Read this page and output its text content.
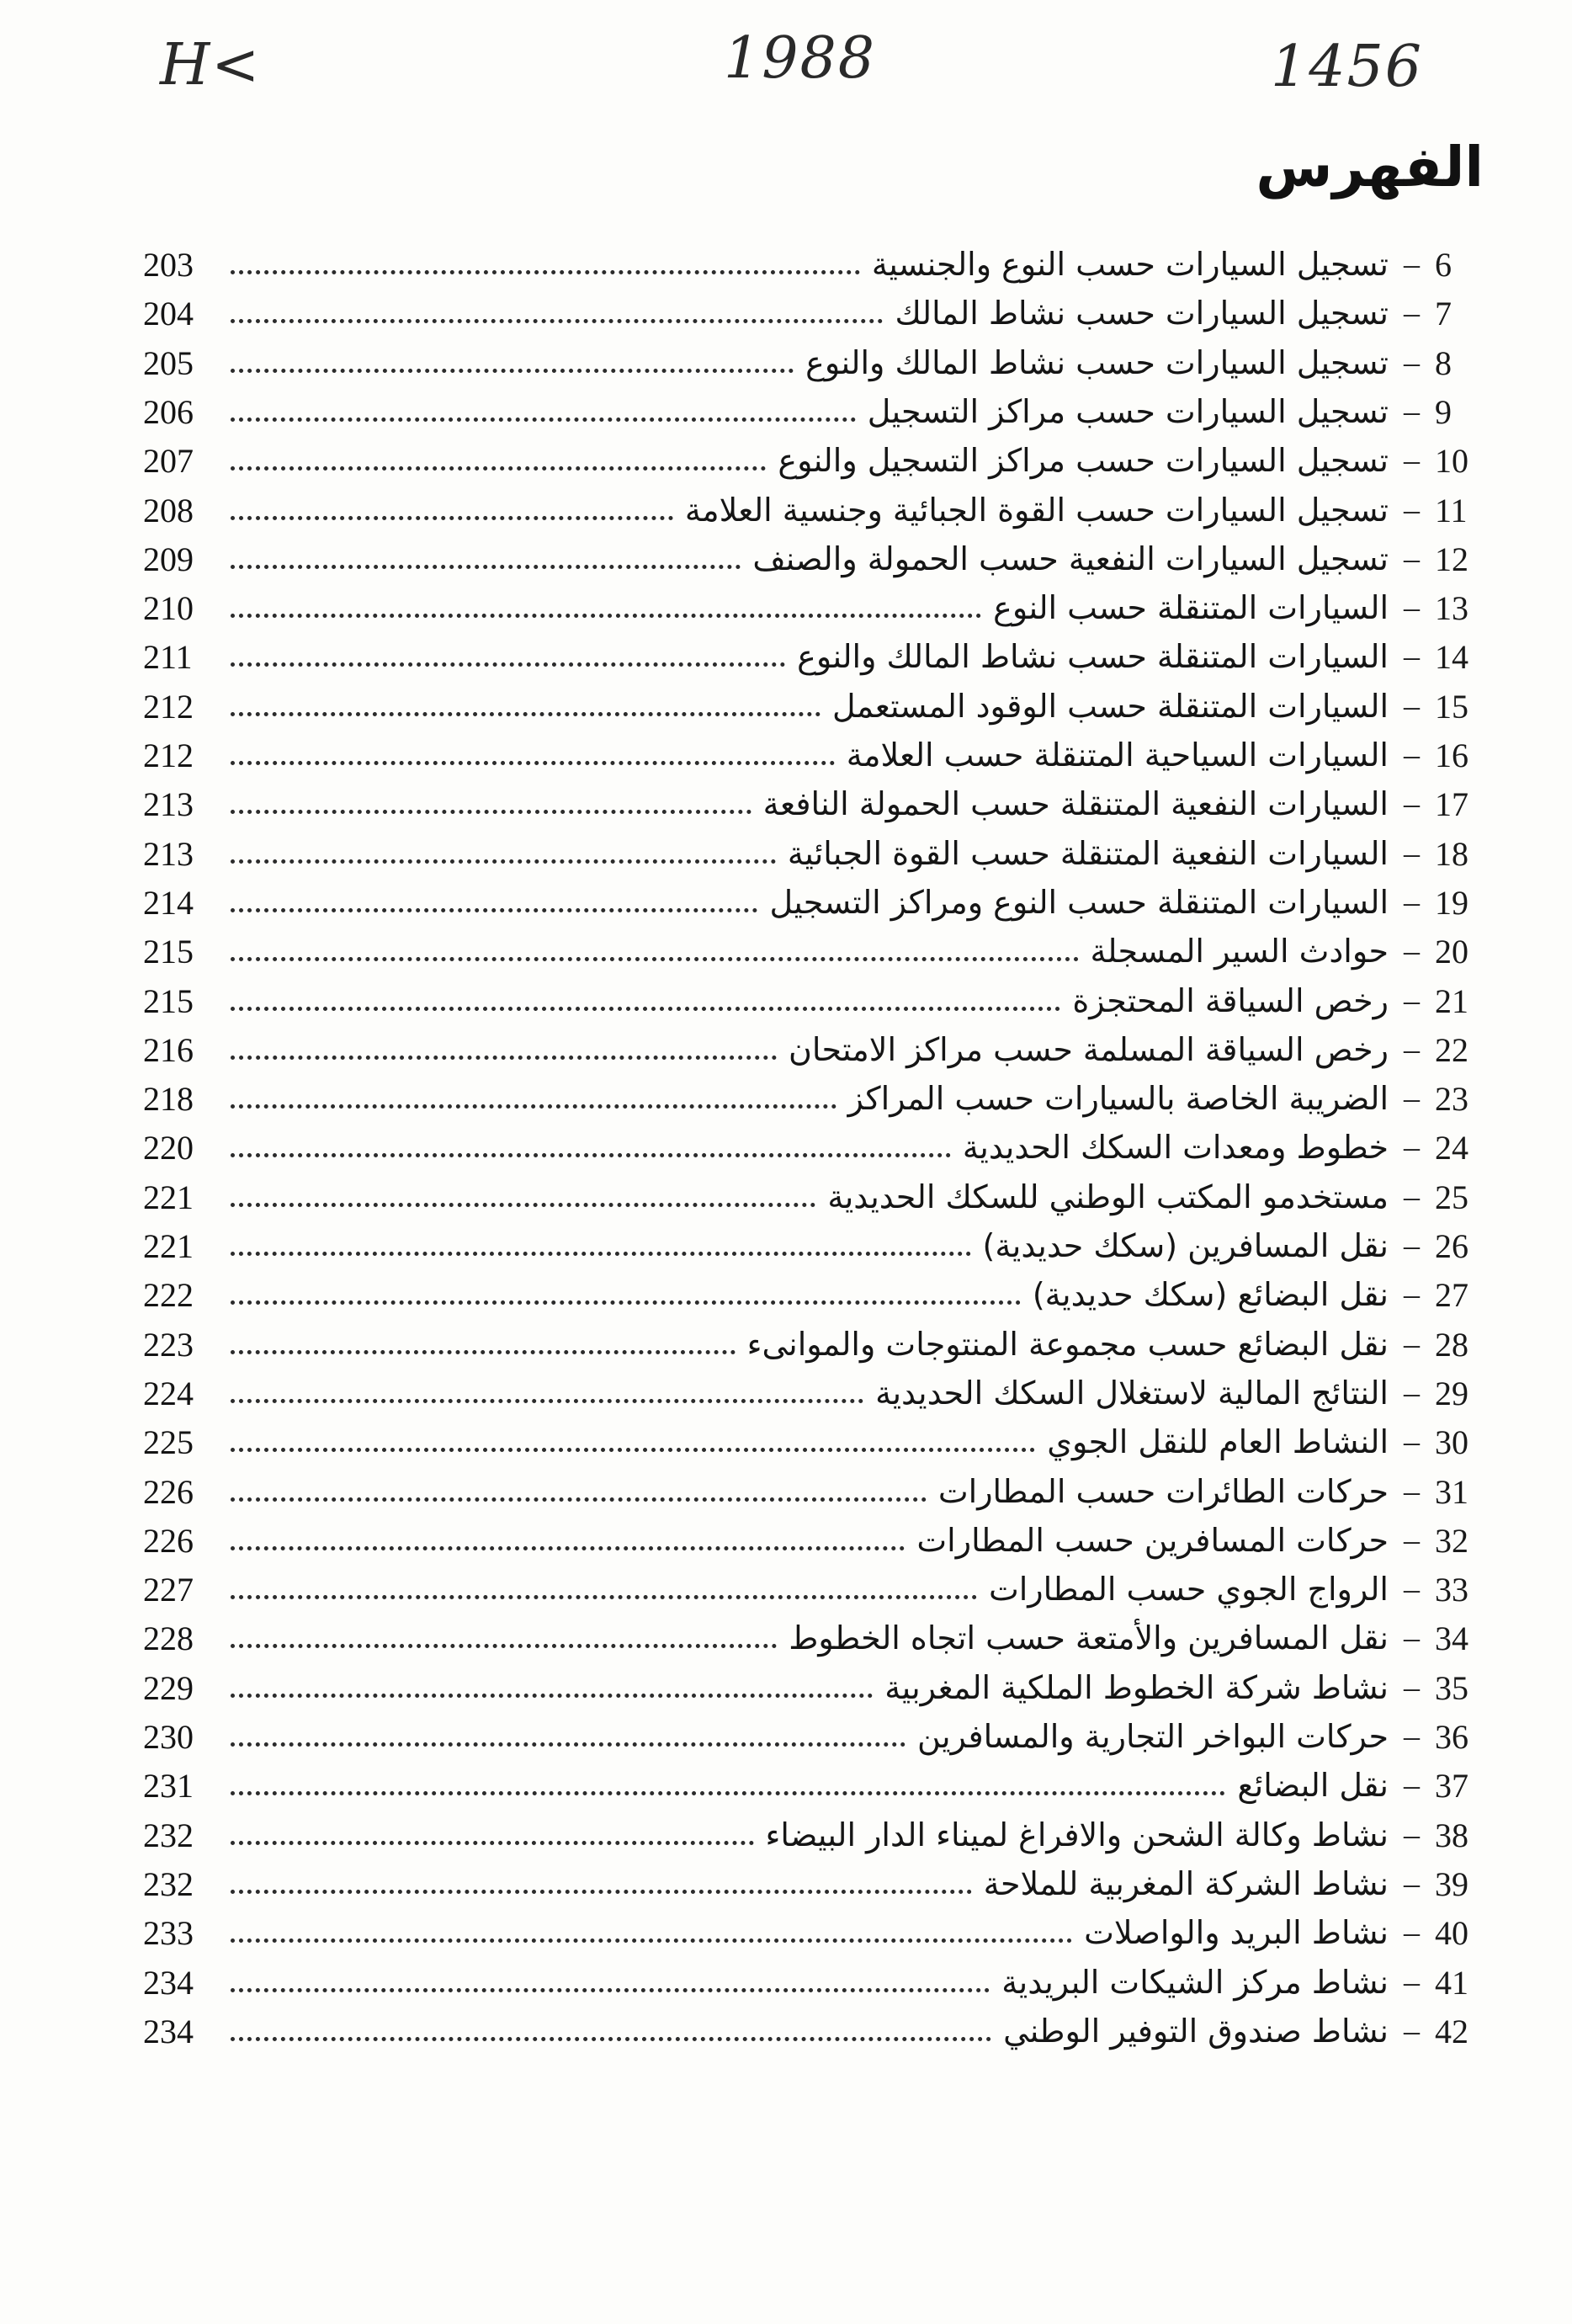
H<	1988	1456
الفهرس
203	تسجيل السيارات حسب النوع والجنسية – 6
204	تسجيل السيارات حسب نشاط المالك – 7
205	تسجيل السيارات حسب نشاط المالك والنوع – 8
206	تسجيل السيارات حسب مراكز التسجيل – 9
207	تسجيل السيارات حسب مراكز التسجيل والنوع – 10
208	تسجيل السيارات حسب القوة الجبائية وجنسية العلامة – 11
209	تسجيل السيارات النفعية حسب الحمولة والصنف – 12
210	السيارات المتنقلة حسب النوع – 13
211	السيارات المتنقلة حسب نشاط المالك والنوع – 14
212	السيارات المتنقلة حسب الوقود المستعمل – 15
212	السيارات السياحية المتنقلة حسب العلامة – 16
213	السيارات النفعية المتنقلة حسب الحمولة النافعة – 17
213	السيارات النفعية المتنقلة حسب القوة الجبائية – 18
214	السيارات المتنقلة حسب النوع ومراكز التسجيل – 19
215	حوادث السير المسجلة – 20
215	رخص السياقة المحتجزة – 21
216	رخص السياقة المسلمة حسب مراكز الامتحان – 22
218	الضريبة الخاصة بالسيارات حسب المراكز – 23
220	خطوط ومعدات السكك الحديدية – 24
221	مستخدمو المكتب الوطني للسكك الحديدية – 25
221	نقل المسافرين (سكك حديدية) – 26
222	نقل البضائع (سكك حديدية) – 27
223	نقل البضائع حسب مجموعة المنتوجات والموانىء – 28
224	النتائج المالية لاستغلال السكك الحديدية – 29
225	النشاط العام للنقل الجوي – 30
226	حركات الطائرات حسب المطارات – 31
226	حركات المسافرين حسب المطارات – 32
227	الرواج الجوي حسب المطارات – 33
228	نقل المسافرين والأمتعة حسب اتجاه الخطوط – 34
229	نشاط شركة الخطوط الملكية المغربية – 35
230	حركات البواخر التجارية والمسافرين – 36
231	نقل البضائع – 37
232	نشاط وكالة الشحن والافراغ لميناء الدار البيضاء – 38
232	نشاط الشركة المغربية للملاحة – 39
233	نشاط البريد والواصلات – 40
234	نشاط مركز الشيكات البريدية – 41
234	نشاط صندوق التوفير الوطني – 42
